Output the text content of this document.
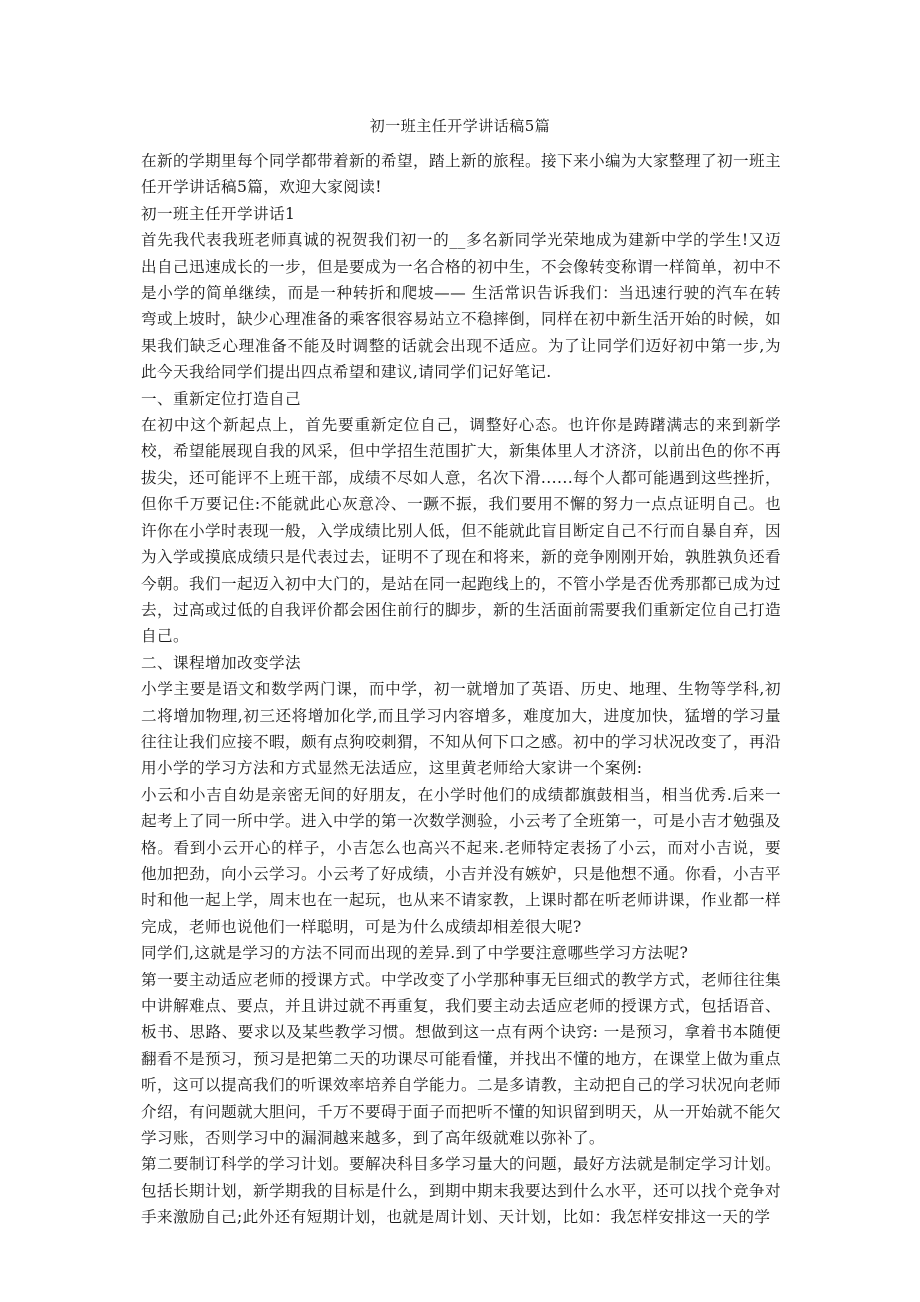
初一班主任开学讲话稿5篇

在新的学期里每个同学都带着新的希望，踏上新的旅程。接下来小编为大家整理了初一班主任开学讲话稿5篇，欢迎大家阅读!

初一班主任开学讲话1

首先我代表我班老师真诚的祝贺我们初一的__多名新同学光荣地成为建新中学的学生!又迈出自己迅速成长的一步，但是要成为一名合格的初中生，不会像转变称谓一样简单，初中不是小学的简单继续，而是一种转折和爬坡—— 生活常识告诉我们：当迅速行驶的汽车在转弯或上坡时，缺少心理准备的乘客很容易站立不稳摔倒，同样在初中新生活开始的时候，如果我们缺乏心理准备不能及时调整的话就会出现不适应。为了让同学们迈好初中第一步,为此今天我给同学们提出四点希望和建议,请同学们记好笔记.

一、重新定位打造自己

在初中这个新起点上，首先要重新定位自己，调整好心态。也许你是踌躇满志的来到新学校，希望能展现自我的风采，但中学招生范围扩大，新集体里人才济济，以前出色的你不再拔尖，还可能评不上班干部，成绩不尽如人意，名次下滑......每个人都可能遇到这些挫折，但你千万要记住:不能就此心灰意冷、一蹶不振，我们要用不懈的努力一点点证明自己。也许你在小学时表现一般，入学成绩比别人低，但不能就此盲目断定自己不行而自暴自弃，因为入学或摸底成绩只是代表过去，证明不了现在和将来，新的竞争刚刚开始，孰胜孰负还看今朝。我们一起迈入初中大门的，是站在同一起跑线上的，不管小学是否优秀那都已成为过去，过高或过低的自我评价都会困住前行的脚步，新的生活面前需要我们重新定位自己打造自己。

二、课程增加改变学法

小学主要是语文和数学两门课，而中学，初一就增加了英语、历史、地理、生物等学科,初二将增加物理,初三还将增加化学,而且学习内容增多，难度加大，进度加快，猛增的学习量往往让我们应接不暇，颇有点狗咬刺猬，不知从何下口之感。初中的学习状况改变了，再沿用小学的学习方法和方式显然无法适应，这里黄老师给大家讲一个案例:

小云和小吉自幼是亲密无间的好朋友，在小学时他们的成绩都旗鼓相当，相当优秀.后来一起考上了同一所中学。进入中学的第一次数学测验，小云考了全班第一，可是小吉才勉强及格。看到小云开心的样子，小吉怎么也高兴不起来.老师特定表扬了小云，而对小吉说，要他加把劲，向小云学习。小云考了好成绩，小吉并没有嫉妒，只是他想不通。你看，小吉平时和他一起上学，周末也在一起玩，也从来不请家教，上课时都在听老师讲课，作业都一样完成，老师也说他们一样聪明，可是为什么成绩却相差很大呢?

同学们,这就是学习的方法不同而出现的差异.到了中学要注意哪些学习方法呢?

第一要主动适应老师的授课方式。中学改变了小学那种事无巨细式的教学方式，老师往往集中讲解难点、要点，并且讲过就不再重复，我们要主动去适应老师的授课方式，包括语音、板书、思路、要求以及某些教学习惯。想做到这一点有两个诀窍: 一是预习，拿着书本随便翻看不是预习，预习是把第二天的功课尽可能看懂，并找出不懂的地方，在课堂上做为重点听，这可以提高我们的听课效率培养自学能力。二是多请教，主动把自己的学习状况向老师介绍，有问题就大胆问，千万不要碍于面子而把听不懂的知识留到明天，从一开始就不能欠学习账，否则学习中的漏洞越来越多，到了高年级就难以弥补了。

第二要制订科学的学习计划。要解决科目多学习量大的问题，最好方法就是制定学习计划。包括长期计划，新学期我的目标是什么，到期中期末我要达到什么水平，还可以找个竞争对手来激励自己;此外还有短期计划，也就是周计划、天计划，比如：我怎样安排这一天的学
